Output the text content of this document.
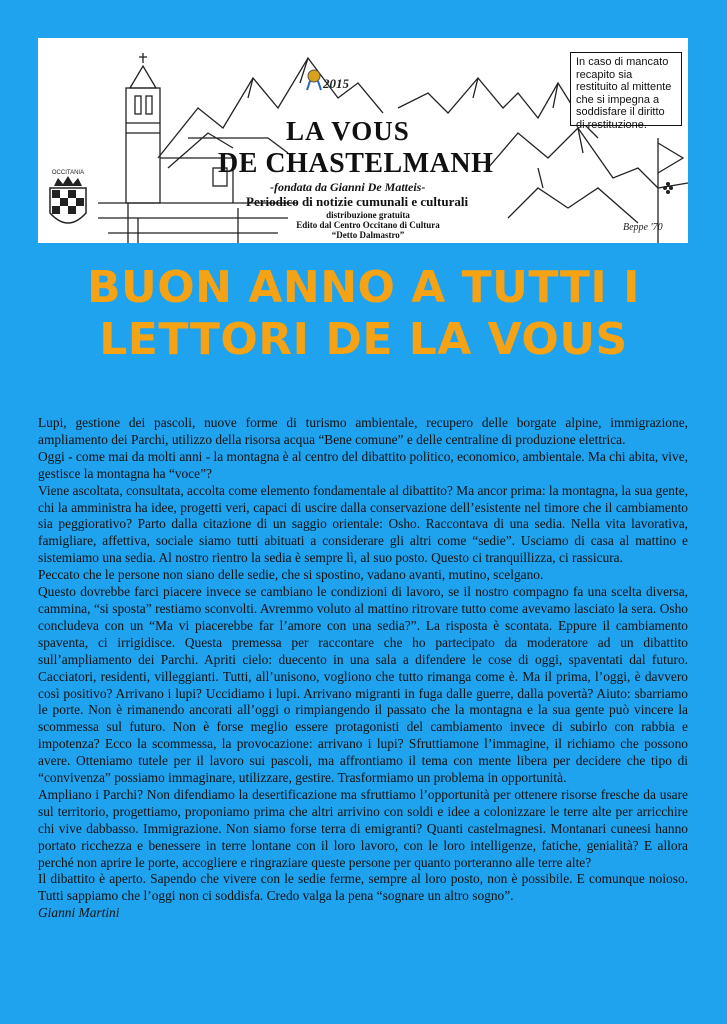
OCCITANIA
2015
LA VOUS
DE CHASTELMANH
-fondata da Gianni De Matteis-
Periodico di notizie cumunali e culturali
distribuzione gratuita
Edito dal Centro Occitano di Cultura
“Detto Dalmastro”
Beppe '70
In caso di mancato recapito sia restituito al mittente che si impegna a soddisfare il diritto di restituzione.
BUON ANNO A TUTTI I
LETTORI DE LA VOUS

Lupi, gestione dei pascoli, nuove forme di turismo ambientale, recupero delle borgate alpine, immigrazione, ampliamento dei Parchi, utilizzo della risorsa acqua “Bene comune” e delle centraline di produzione elettrica.

Oggi - come mai da molti anni - la montagna è al centro del dibattito politico, economico, ambientale. Ma chi abita, vive, gestisce la montagna ha “voce”?

Viene ascoltata, consultata, accolta come elemento fondamentale al dibattito? Ma ancor prima: la montagna, la sua gente, chi la amministra ha idee, progetti veri, capaci di uscire dalla conservazione dell’esistente nel timore che il cambiamento sia peggiorativo? Parto dalla citazione di un saggio orientale: Osho. Raccontava di una sedia. Nella vita lavorativa, famigliare, affettiva, sociale siamo tutti abituati a considerare gli altri come “sedie”. Usciamo di casa al mattino e sistemiamo una sedia. Al nostro rientro la sedia è sempre lì, al suo posto. Questo ci tranquillizza, ci rassicura.

Peccato che le persone non siano delle sedie, che si spostino, vadano avanti, mutino, scelgano.

Questo dovrebbe farci piacere invece se cambiano le condizioni di lavoro, se il nostro compagno fa una scelta diversa, cammina, “si sposta” restiamo sconvolti. Avremmo voluto al mattino ritrovare tutto come avevamo lasciato la sera. Osho concludeva con un “Ma vi piacerebbe far l’amore con una sedia?”. La risposta è scontata. Eppure il cambiamento spaventa, ci irrigidisce. Questa premessa per raccontare che ho partecipato da moderatore ad un dibattito sull’ampliamento dei Parchi. Apriti cielo: duecento in una sala a difendere le cose di oggi, spaventati dal futuro. Cacciatori, residenti, villeggianti. Tutti, all’unisono, vogliono che tutto rimanga come è. Ma il prima, l’oggi, è davvero così positivo? Arrivano i lupi? Uccidiamo i lupi. Arrivano migranti in fuga dalle guerre, dalla povertà? Aiuto: sbarriamo le porte. Non è rimanendo ancorati all’oggi o rimpiangendo il passato che la montagna e la sua gente può vincere la scommessa sul futuro. Non è forse meglio essere protagonisti del cambiamento invece di subirlo con rabbia e impotenza? Ecco la scommessa, la provocazione: arrivano i lupi? Sfruttiamone l’immagine, il richiamo che possono avere. Otteniamo tutele per il lavoro sui pascoli, ma affrontiamo il tema con mente libera per decidere che tipo di “convivenza” possiamo immaginare, utilizzare, gestire. Trasformiamo un problema in opportunità.

Ampliano i Parchi? Non difendiamo la desertificazione ma sfruttiamo l’opportunità per ottenere risorse fresche da usare sul territorio, progettiamo, proponiamo prima che altri arrivino con soldi e idee a colonizzare le terre alte per arricchire chi vive dabbasso. Immigrazione. Non siamo forse terra di emigranti? Quanti castelmagnesi. Montanari cuneesi hanno portato ricchezza e benessere in terre lontane con il loro lavoro, con le loro intelligenze, fatiche, genialità? E allora perché non aprire le porte, accogliere e ringraziare queste persone per quanto porteranno alle terre alte?

Il dibattito è aperto. Sapendo che vivere con le sedie ferme, sempre al loro posto, non è possibile. E comunque noioso. Tutti sappiamo che l’oggi non ci soddisfa. Credo valga la pena “sognare un altro sogno”.

Gianni Martini
